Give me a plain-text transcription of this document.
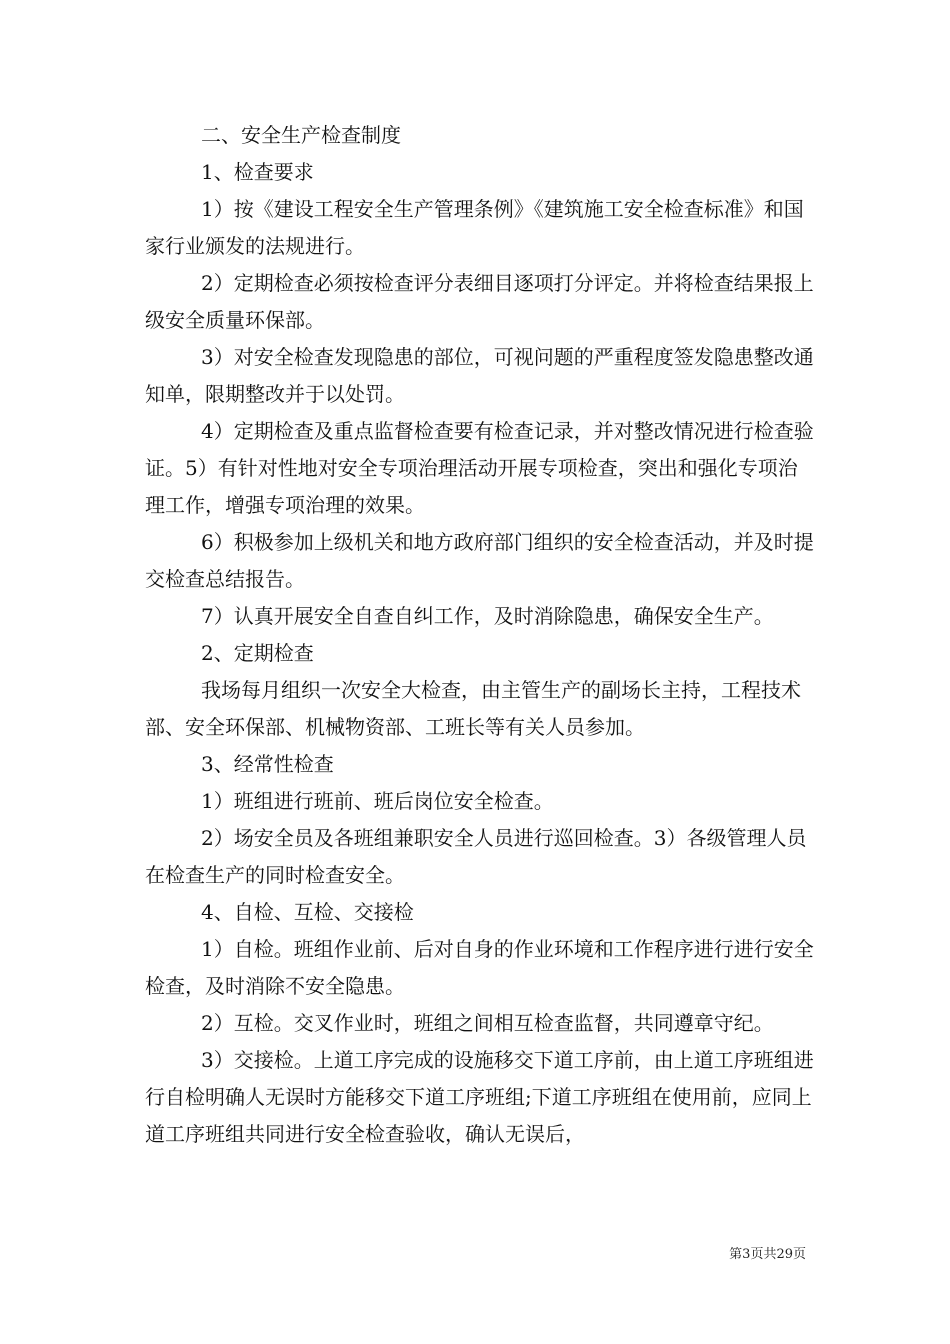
二、安全生产检查制度

1、检查要求

1）按《建设工程安全生产管理条例》《建筑施工安全检查标准》和国家行业颁发的法规进行。

2）定期检查必须按检查评分表细目逐项打分评定。并将检查结果报上级安全质量环保部。

3）对安全检查发现隐患的部位，可视问题的严重程度签发隐患整改通知单，限期整改并于以处罚。

4）定期检查及重点监督检查要有检查记录，并对整改情况进行检查验证。5）有针对性地对安全专项治理活动开展专项检查，突出和强化专项治理工作，增强专项治理的效果。

6）积极参加上级机关和地方政府部门组织的安全检查活动，并及时提交检查总结报告。

7）认真开展安全自查自纠工作，及时消除隐患，确保安全生产。

2、定期检查

我场每月组织一次安全大检查，由主管生产的副场长主持，工程技术部、安全环保部、机械物资部、工班长等有关人员参加。

3、经常性检查

1）班组进行班前、班后岗位安全检查。

2）场安全员及各班组兼职安全人员进行巡回检查。3）各级管理人员在检查生产的同时检查安全。

4、自检、互检、交接检

1）自检。班组作业前、后对自身的作业环境和工作程序进行进行安全检查，及时消除不安全隐患。

2）互检。交叉作业时，班组之间相互检查监督，共同遵章守纪。

3）交接检。上道工序完成的设施移交下道工序前，由上道工序班组进行自检明确人无误时方能移交下道工序班组;下道工序班组在使用前，应同上道工序班组共同进行安全检查验收，确认无误后，

第3页共29页
